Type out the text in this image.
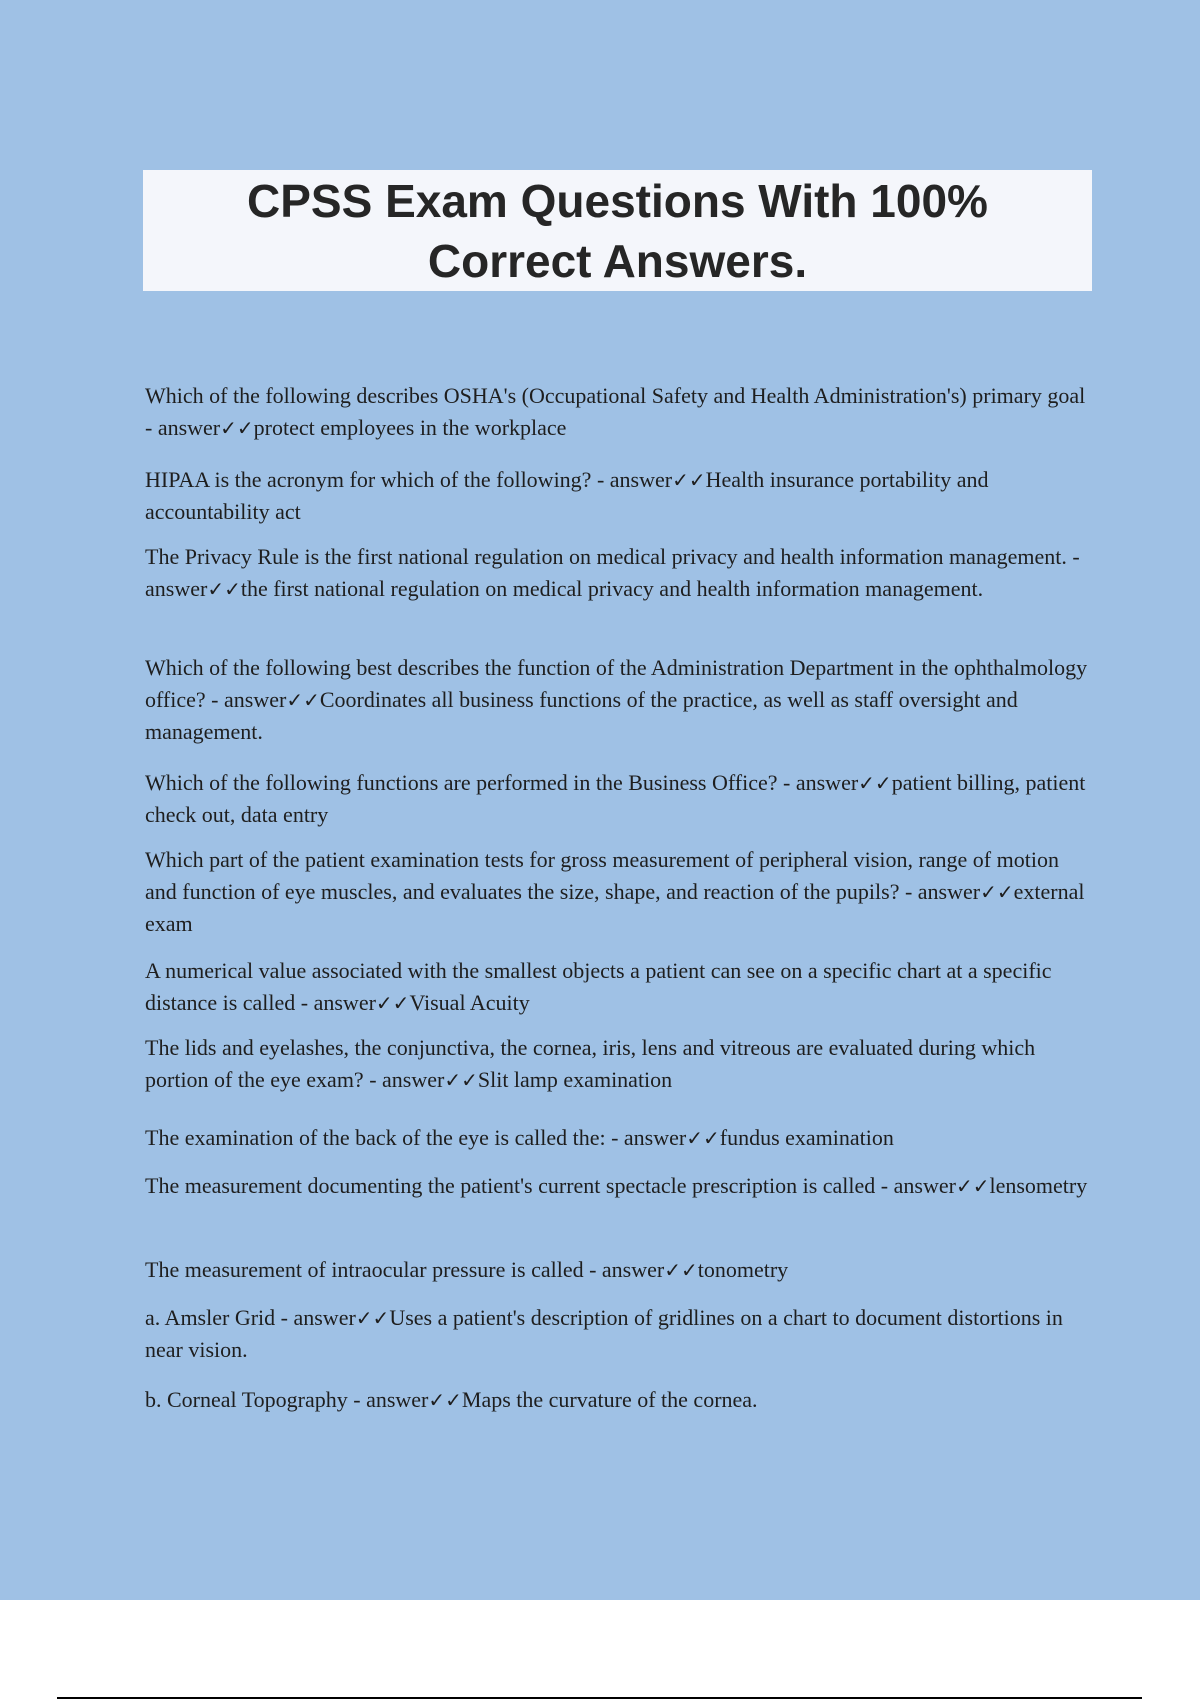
CPSS Exam Questions With 100% Correct Answers.
Which of the following describes OSHA's (Occupational Safety and Health Administration's) primary goal - answer✓✓protect employees in the workplace
HIPAA is the acronym for which of the following? - answer✓✓Health insurance portability and accountability act
The Privacy Rule is the first national regulation on medical privacy and health information management. - answer✓✓the first national regulation on medical privacy and health information management.
Which of the following best describes the function of the Administration Department in the ophthalmology office? - answer✓✓Coordinates all business functions of the practice, as well as staff oversight and management.
Which of the following functions are performed in the Business Office? - answer✓✓patient billing, patient check out, data entry
Which part of the patient examination tests for gross measurement of peripheral vision, range of motion and function of eye muscles, and evaluates the size, shape, and reaction of the pupils? - answer✓✓external exam
A numerical value associated with the smallest objects a patient can see on a specific chart at a specific distance is called - answer✓✓Visual Acuity
The lids and eyelashes, the conjunctiva, the cornea, iris, lens and vitreous are evaluated during which portion of the eye exam? - answer✓✓Slit lamp examination
The examination of the back of the eye is called the: - answer✓✓fundus examination
The measurement documenting the patient's current spectacle prescription is called - answer✓✓lensometry
The measurement of intraocular pressure is called - answer✓✓tonometry
a. Amsler Grid - answer✓✓Uses a patient's description of gridlines on a chart to document distortions in near vision.
b. Corneal Topography - answer✓✓Maps the curvature of the cornea.
